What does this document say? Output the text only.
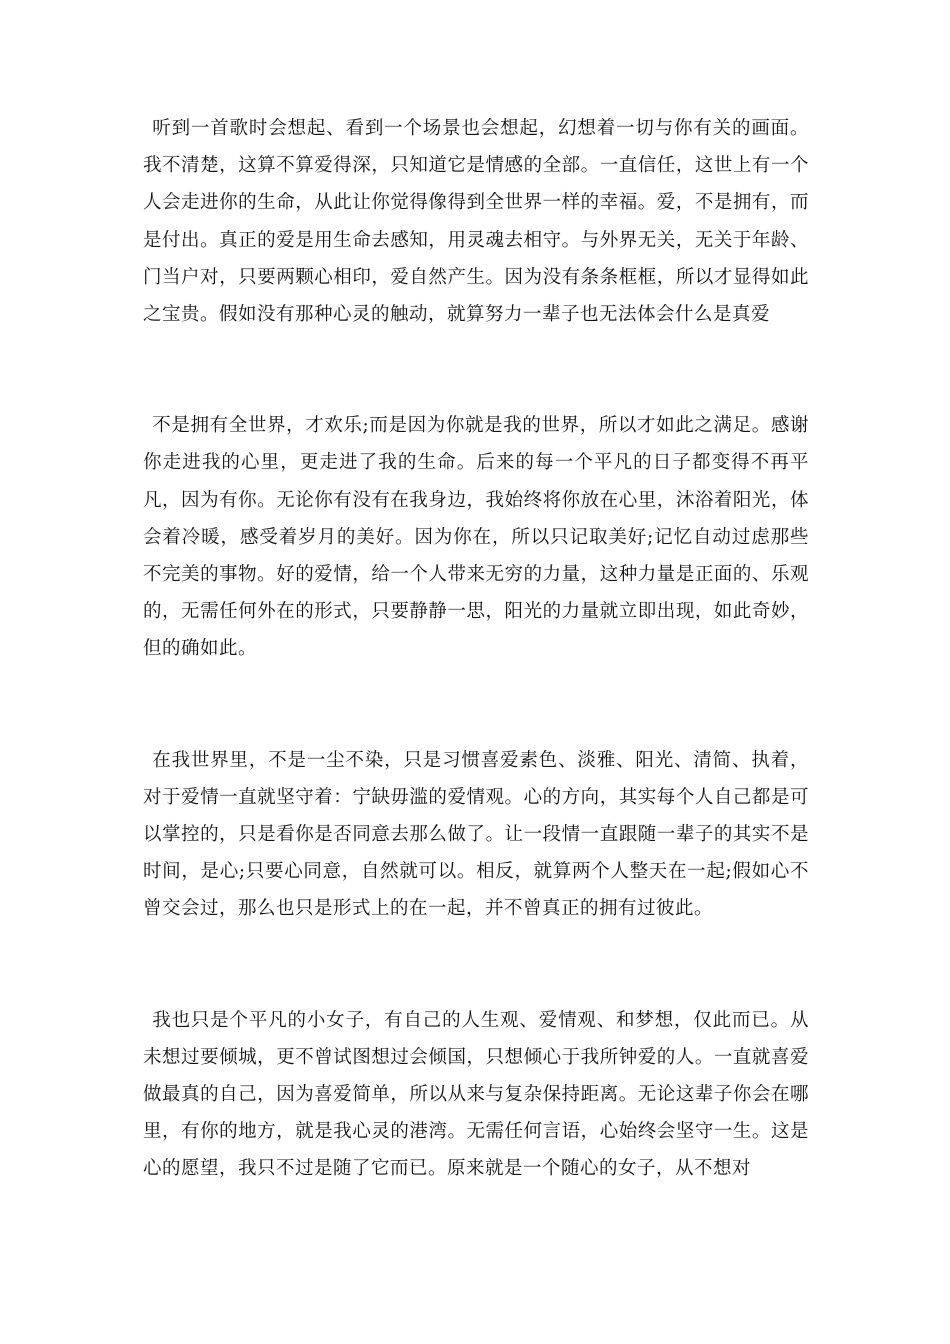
听到一首歌时会想起、看到一个场景也会想起，幻想着一切与你有关的画面。我不清楚，这算不算爱得深，只知道它是情感的全部。一直信任，这世上有一个人会走进你的生命，从此让你觉得像得到全世界一样的幸福。爱，不是拥有，而是付出。真正的爱是用生命去感知，用灵魂去相守。与外界无关，无关于年龄、门当户对，只要两颗心相印，爱自然产生。因为没有条条框框，所以才显得如此之宝贵。假如没有那种心灵的触动，就算努力一辈子也无法体会什么是真爱

不是拥有全世界，才欢乐;而是因为你就是我的世界，所以才如此之满足。感谢你走进我的心里，更走进了我的生命。后来的每一个平凡的日子都变得不再平凡，因为有你。无论你有没有在我身边，我始终将你放在心里，沐浴着阳光，体会着冷暖，感受着岁月的美好。因为你在，所以只记取美好;记忆自动过虑那些不完美的事物。好的爱情，给一个人带来无穷的力量，这种力量是正面的、乐观的，无需任何外在的形式，只要静静一思，阳光的力量就立即出现，如此奇妙，但的确如此。

在我世界里，不是一尘不染，只是习惯喜爱素色、淡雅、阳光、清简、执着，对于爱情一直就坚守着：宁缺毋滥的爱情观。心的方向，其实每个人自己都是可以掌控的，只是看你是否同意去那么做了。让一段情一直跟随一辈子的其实不是时间，是心;只要心同意，自然就可以。相反，就算两个人整天在一起;假如心不曾交会过，那么也只是形式上的在一起，并不曾真正的拥有过彼此。

我也只是个平凡的小女子，有自己的人生观、爱情观、和梦想，仅此而已。从未想过要倾城，更不曾试图想过会倾国，只想倾心于我所钟爱的人。一直就喜爱做最真的自己，因为喜爱简单，所以从来与复杂保持距离。无论这辈子你会在哪里，有你的地方，就是我心灵的港湾。无需任何言语，心始终会坚守一生。这是心的愿望，我只不过是随了它而已。原来就是一个随心的女子，从不想对
